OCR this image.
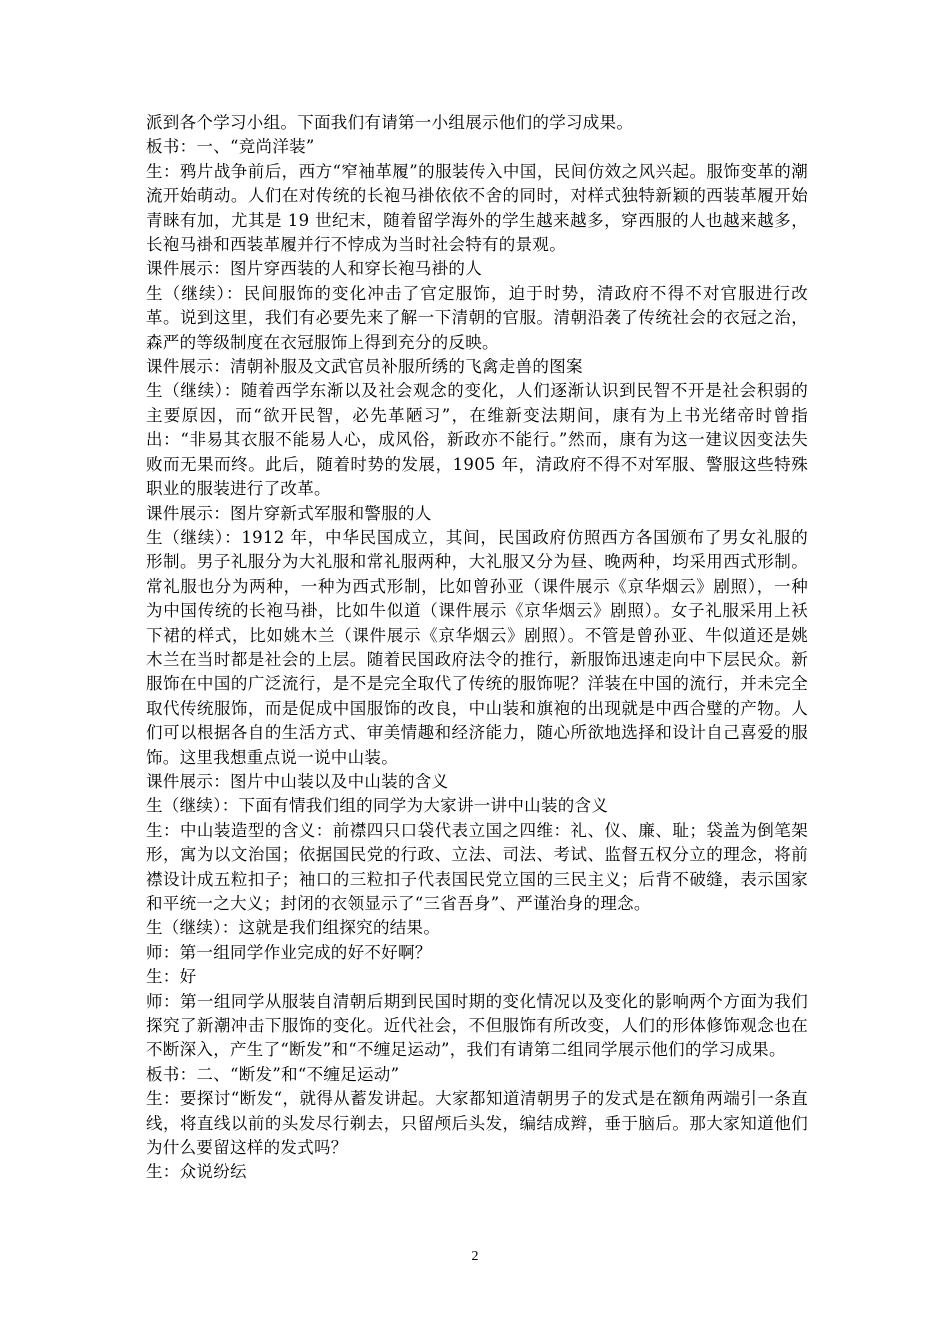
派到各个学习小组。下面我们有请第一小组展示他们的学习成果。

板书：一、“竞尚洋装”

生：鸦片战争前后，西方“窄袖革履”的服装传入中国，民间仿效之风兴起。服饰变革的潮流开始萌动。人们在对传统的长袍马褂依依不舍的同时，对样式独特新颖的西装革履开始青睐有加，尤其是 19 世纪末，随着留学海外的学生越来越多，穿西服的人也越来越多，长袍马褂和西装革履并行不悖成为当时社会特有的景观。

课件展示：图片穿西装的人和穿长袍马褂的人

生（继续）：民间服饰的变化冲击了官定服饰，迫于时势，清政府不得不对官服进行改革。说到这里，我们有必要先来了解一下清朝的官服。清朝沿袭了传统社会的衣冠之治，森严的等级制度在衣冠服饰上得到充分的反映。

课件展示：清朝补服及文武官员补服所绣的飞禽走兽的图案

生（继续）：随着西学东渐以及社会观念的变化，人们逐渐认识到民智不开是社会积弱的主要原因，而“欲开民智，必先革陋习”，在维新变法期间，康有为上书光绪帝时曾指出：“非易其衣服不能易人心，成风俗，新政亦不能行。”然而，康有为这一建议因变法失败而无果而终。此后，随着时势的发展，1905 年，清政府不得不对军服、警服这些特殊职业的服装进行了改革。

课件展示：图片穿新式军服和警服的人

生（继续）：1912 年，中华民国成立，其间，民国政府仿照西方各国颁布了男女礼服的形制。男子礼服分为大礼服和常礼服两种，大礼服又分为昼、晚两种，均采用西式形制。常礼服也分为两种，一种为西式形制，比如曾孙亚（课件展示《京华烟云》剧照），一种为中国传统的长袍马褂，比如牛似道（课件展示《京华烟云》剧照）。女子礼服采用上袄下裙的样式，比如姚木兰（课件展示《京华烟云》剧照）。不管是曾孙亚、牛似道还是姚木兰在当时都是社会的上层。随着民国政府法令的推行，新服饰迅速走向中下层民众。新服饰在中国的广泛流行，是不是完全取代了传统的服饰呢？洋装在中国的流行，并未完全取代传统服饰，而是促成中国服饰的改良，中山装和旗袍的出现就是中西合璧的产物。人们可以根据各自的生活方式、审美情趣和经济能力，随心所欲地选择和设计自己喜爱的服饰。这里我想重点说一说中山装。

课件展示：图片中山装以及中山装的含义

生（继续）：下面有情我们组的同学为大家讲一讲中山装的含义

生：中山装造型的含义：前襟四只口袋代表立国之四维：礼、仪、廉、耻；袋盖为倒笔架形，寓为以文治国；依据国民党的行政、立法、司法、考试、监督五权分立的理念，将前襟设计成五粒扣子；袖口的三粒扣子代表国民党立国的三民主义；后背不破缝，表示国家和平统一之大义；封闭的衣领显示了“三省吾身”、严谨治身的理念。

生（继续）：这就是我们组探究的结果。

师：第一组同学作业完成的好不好啊？

生：好

师：第一组同学从服装自清朝后期到民国时期的变化情况以及变化的影响两个方面为我们探究了新潮冲击下服饰的变化。近代社会，不但服饰有所改变，人们的形体修饰观念也在不断深入，产生了“断发”和“不缠足运动”，我们有请第二组同学展示他们的学习成果。

板书：二、“断发”和“不缠足运动”

生：要探讨“断发“，就得从蓄发讲起。大家都知道清朝男子的发式是在额角两端引一条直线，将直线以前的头发尽行剃去，只留颅后头发，编结成辫，垂于脑后。那大家知道他们为什么要留这样的发式吗？

生：众说纷纭

2
